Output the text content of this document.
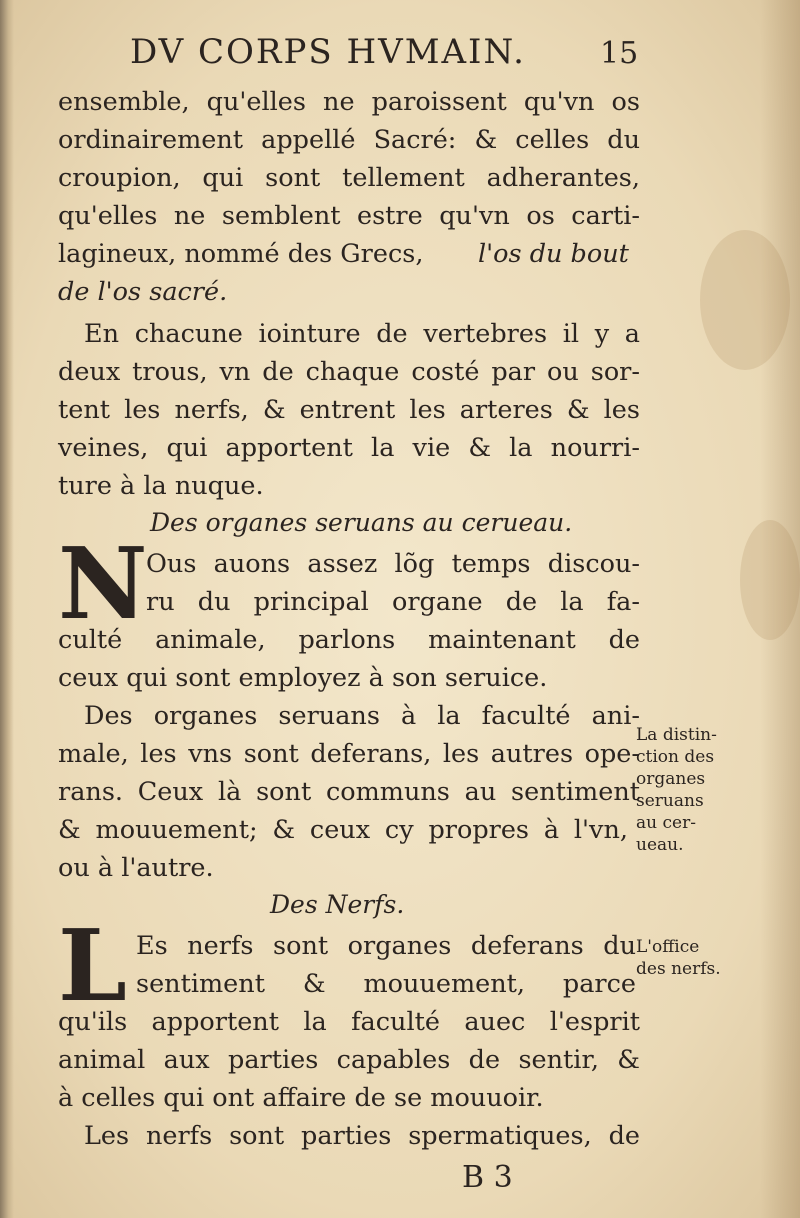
DV CORPS HVMAIN. 15
ensemble, qu'elles ne paroissent qu'vn os
ordinairement appellé Sacré: & celles du
croupion, qui sont tellement adherantes,
qu'elles ne semblent estre qu'vn os carti-
lagineux, nommé des Grecs,	l'os du bout
de l'os sacré.
En chacune iointure de vertebres il y a
deux trous, vn de chaque costé par ou sor-
tent les nerfs, & entrent les arteres & les
veines, qui apportent la vie & la nourri-
ture à la nuque.
Des organes seruans au cerueau.
N
Ous auons assez lõg temps discou-
ru du principal organe de la fa-
culté animale, parlons maintenant de
ceux qui sont employez à son seruice.
Des organes seruans à la faculté ani-
male, les vns sont deferans, les autres ope-
rans. Ceux là sont communs au sentiment
& mouuement; & ceux cy propres à l'vn,
ou à l'autre.
Des Nerfs.
L Es nerfs sont organes deferans du
sentiment & mouuement, parce
qu'ils apportent la faculté auec l'esprit
animal aux parties capables de sentir, &
à celles qui ont affaire de se mouuoir.
Les nerfs sont parties spermatiques, de
La distin-
ction des
organes
seruans
au cer-
ueau.
L'office
des nerfs.
B 3
